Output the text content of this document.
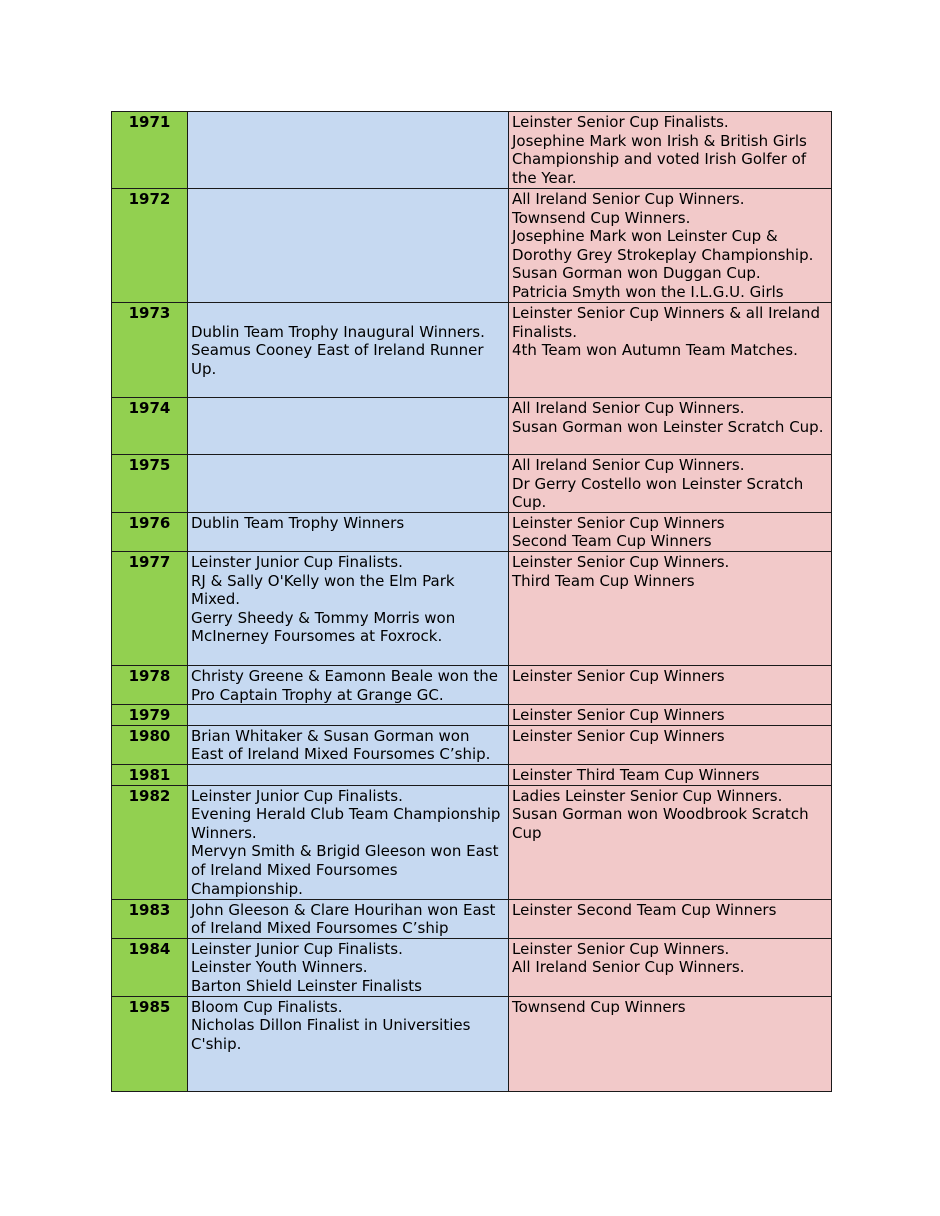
1971		Leinster Senior Cup Finalists.
Josephine Mark won Irish & British Girls Championship and voted Irish Golfer of the Year.

1972		All Ireland Senior Cup Winners.
Townsend Cup Winners.
Josephine Mark won Leinster Cup & Dorothy Grey Strokeplay Championship.
Susan Gorman won Duggan Cup.
Patricia Smyth won the I.L.G.U. Girls

1973	Dublin Team Trophy Inaugural Winners.
Seamus Cooney East of Ireland Runner Up.	Leinster Senior Cup Winners & all Ireland Finalists.
4th Team won Autumn Team Matches.

1974		All Ireland Senior Cup Winners.
Susan Gorman won Leinster Scratch Cup.

1975		All Ireland Senior Cup Winners.
Dr Gerry Costello won Leinster Scratch Cup.

1976	Dublin Team Trophy Winners	Leinster Senior Cup Winners
Second Team Cup Winners

1977	Leinster Junior Cup Finalists.
RJ & Sally O'Kelly won the Elm Park Mixed.
Gerry Sheedy & Tommy Morris won McInerney Foursomes at Foxrock.	Leinster Senior Cup Winners.
Third Team Cup Winners

1978	Christy Greene & Eamonn Beale won the Pro Captain Trophy at Grange GC.	Leinster Senior Cup Winners

1979		Leinster Senior Cup Winners

1980	Brian Whitaker & Susan Gorman won East of Ireland Mixed Foursomes C’ship.	Leinster Senior Cup Winners

1981		Leinster Third Team Cup Winners

1982	Leinster Junior Cup Finalists.
Evening Herald Club Team Championship Winners.
Mervyn Smith & Brigid Gleeson won East of Ireland Mixed Foursomes Championship.	Ladies Leinster Senior Cup Winners.
Susan Gorman won Woodbrook Scratch Cup

1983	John Gleeson & Clare Hourihan won East of Ireland Mixed Foursomes C’ship	Leinster Second Team Cup Winners

1984	Leinster Junior Cup Finalists.
Leinster Youth Winners.
Barton Shield Leinster Finalists	Leinster Senior Cup Winners.
All Ireland Senior Cup Winners.

1985	Bloom Cup Finalists.
Nicholas Dillon Finalist in Universities C'ship.	Townsend Cup Winners
